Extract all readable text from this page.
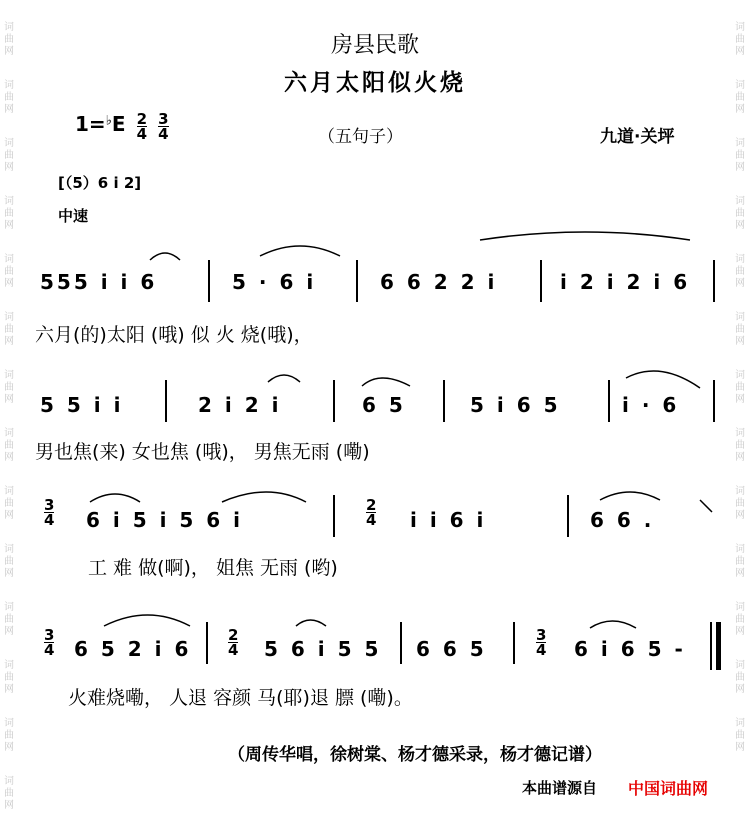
词
曲
网
词
曲
网
词
曲
网
词
曲
网
词
曲
网
词
曲
网
词
曲
网
词
曲
网
词
曲
网
词
曲
网
词
曲
网
词
曲
网
词
曲
网
词
曲
网
词
曲
网
词
曲
网
词
曲
网
词
曲
网
词
曲
网
词
曲
网
词
曲
网
词
曲
网
词
曲
网
词
曲
网
词
曲
网
词
曲
网
词
曲
网
房县民歌
六月太阳似火烧
$1=^♭E \frac{2}{4}$
$\frac{3}{4}$	（五句子）	九道·关坪
[（5）6 i 2]
中速
555 i i 6	5 · 6 i	6 6 2 2 i	i 2 i 2 i 6
六月(的)太阳 (哦) 似 火 烧(哦)，
5 5 i i	2 i 2 i	6 5	5 i 6 5	i · 6
男也焦(来) 女也焦 (哦)， 男焦无雨 (嘞)
$\frac{3}{4} 6$ i 5 i 5 6 i	$\frac{2}{4}$ i i 6 i	6 6 .
工 难 做(啊)， 姐焦 无雨 (哟)
$\frac{3}{4} 6$ 5 2 i $6 \frac{2}{4} 5$ 6 i 5 5 6 6 5	$\frac{3}{4} 6$ i 6 5 -
火难烧嘞， 人退 容颜 马(耶)退 膘 (嘞)。
（周传华唱，徐树棠、杨才德采录，杨才德记谱）
本曲谱源自 中国词曲网
